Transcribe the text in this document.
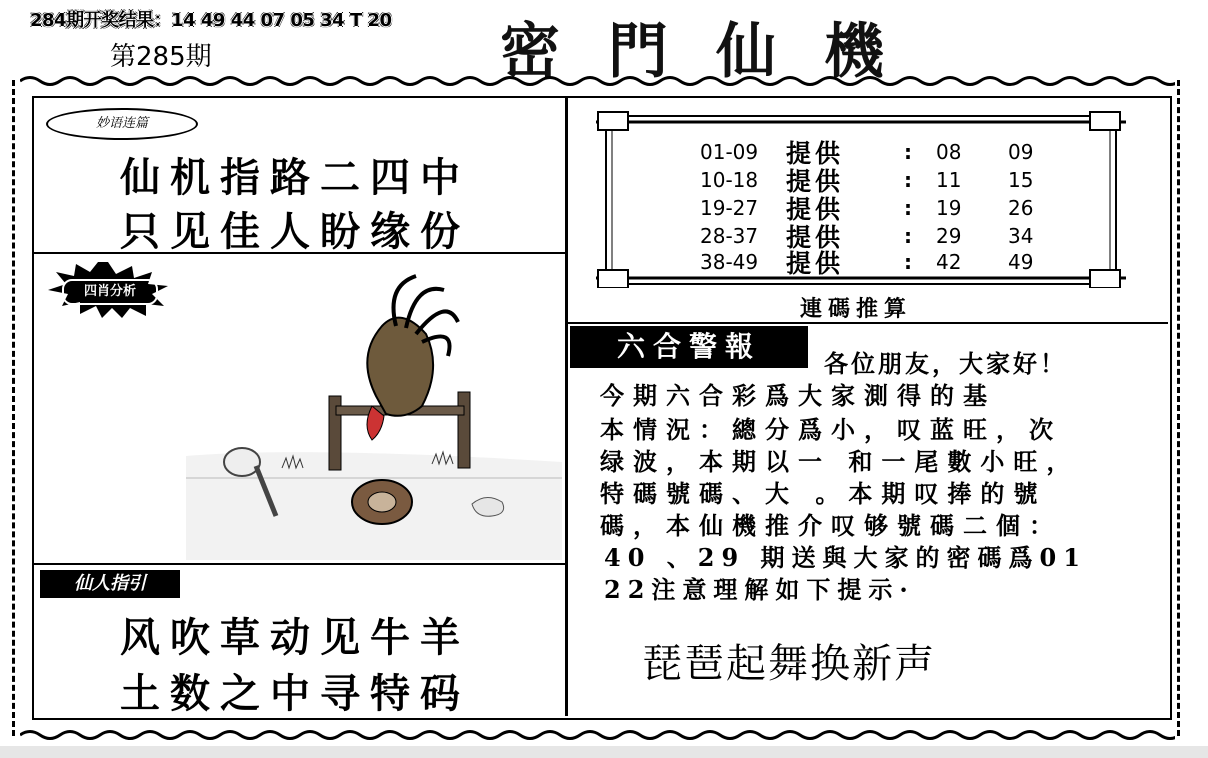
284期开奖结果：14 49 44 07 05 34 T 20
第285期	密門仙機
妙语连篇
仙机指路二四中
只见佳人盼缘份
四肖分析
仙人指引
风吹草动见牛羊
土数之中寻特码
01-09 提供	: 08 09
10-18 提供	: 11 15
19-27 提供	: 19 26
28-37 提供	: 29 34
38-49 提供	: 42 49
連碼推算
六合警報
各位朋友，大家好！
今期六合彩爲大家測得的基
本情況：總分爲小，叹蓝旺，次
绿波，本期以一 和一尾數小旺，
特碼號碼、大 。本期叹捧的號
碼，本仙機推介叹够號碼二個：
40 、29 期送與大家的密碼爲01
22注意理解如下提示·
琵琶起舞换新声
